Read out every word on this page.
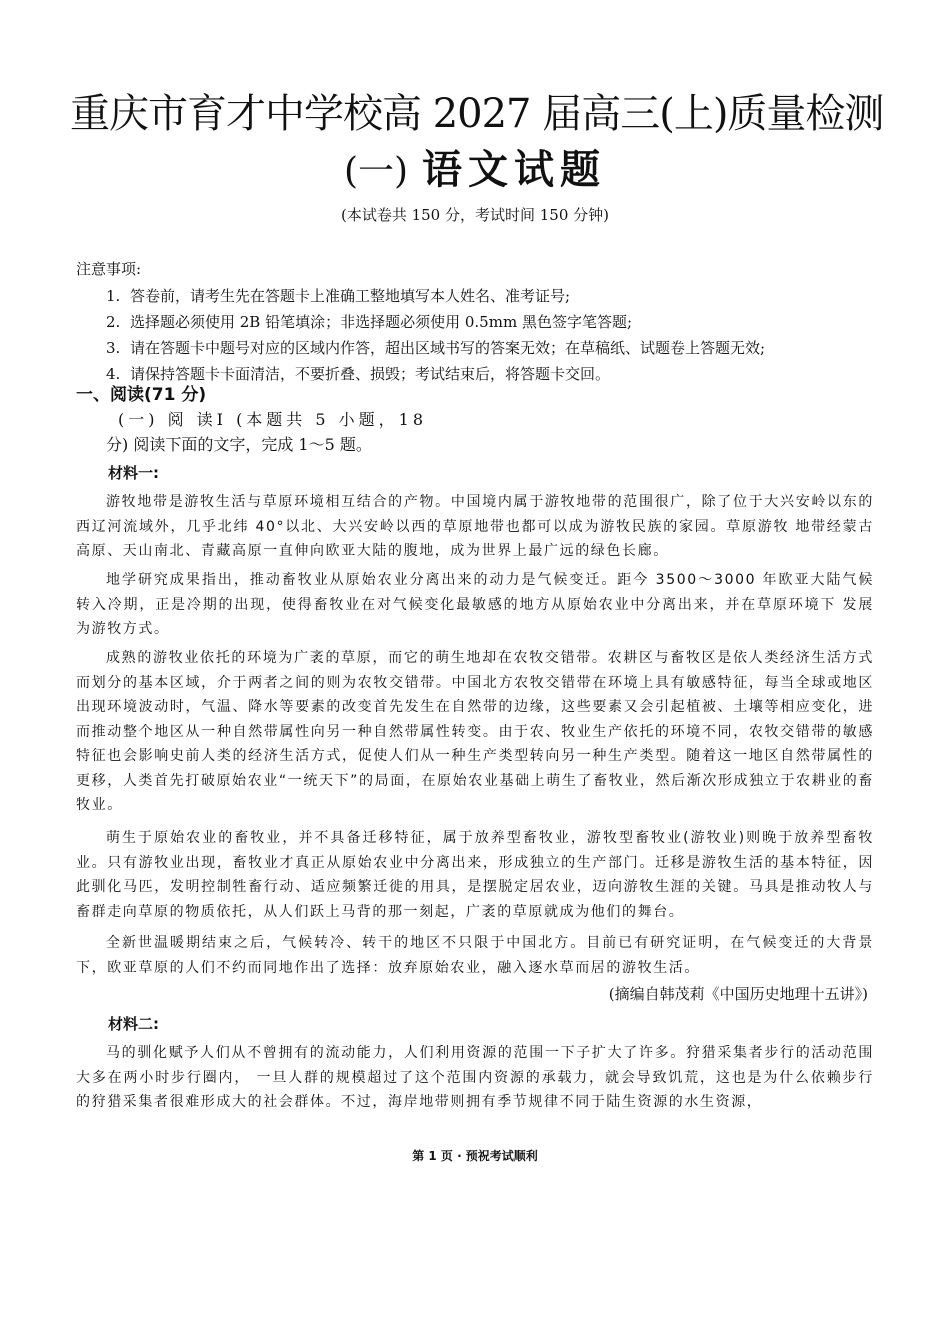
重庆市育才中学校高 2027 届高三(上)质量检测
(一) 语文试题
(本试卷共 150 分，考试时间 150 分钟)
注意事项:
1. 答卷前，请考生先在答题卡上准确工整地填写本人姓名、准考证号;
2. 选择题必须使用 2B 铅笔填涂；非选择题必须使用 0.5mm 黑色签字笔答题;
3. 请在答题卡中题号对应的区域内作答，超出区域书写的答案无效；在草稿纸、试题卷上答题无效;
4. 请保持答题卡卡面清洁，不要折叠、损毁；考试结束后，将答题卡交回。
一、阅读(71 分)
(一) 阅 读I (本题共 5 小题，18
分) 阅读下面的文字，完成 1～5 题。
材料一:

游牧地带是游牧生活与草原环境相互结合的产物。中国境内属于游牧地带的范围很广，除了位于大兴安岭以东的西辽河流域外，几乎北纬 40°以北、大兴安岭以西的草原地带也都可以成为游牧民族的家园。草原游牧 地带经蒙古高原、天山南北、青藏高原一直伸向欧亚大陆的腹地，成为世界上最广远的绿色长廊。

地学研究成果指出，推动畜牧业从原始农业分离出来的动力是气候变迁。距今 3500～3000 年欧亚大陆气候 转入冷期，正是冷期的出现，使得畜牧业在对气候变化最敏感的地方从原始农业中分离出来，并在草原环境下 发展为游牧方式。

成熟的游牧业依托的环境为广袤的草原，而它的萌生地却在农牧交错带。农耕区与畜牧区是依人类经济生活方式而划分的基本区域，介于两者之间的则为农牧交错带。中国北方农牧交错带在环境上具有敏感特征，每当全球或地区出现环境波动时，气温、降水等要素的改变首先发生在自然带的边缘，这些要素又会引起植被、土壤等相应变化，进而推动整个地区从一种自然带属性向另一种自然带属性转变。由于农、牧业生产依托的环境不同，农牧交错带的敏感特征也会影响史前人类的经济生活方式，促使人们从一种生产类型转向另一种生产类型。随着这一地区自然带属性的更移，人类首先打破原始农业“一统天下”的局面，在原始农业基础上萌生了畜牧业，然后渐次形成独立于农耕业的畜牧业。

萌生于原始农业的畜牧业，并不具备迁移特征，属于放养型畜牧业，游牧型畜牧业(游牧业)则晚于放养型畜牧业。只有游牧业出现，畜牧业才真正从原始农业中分离出来，形成独立的生产部门。迁移是游牧生活的基本特征，因此驯化马匹，发明控制牲畜行动、适应频繁迁徙的用具，是摆脱定居农业，迈向游牧生涯的关键。马具是推动牧人与畜群走向草原的物质依托，从人们跃上马背的那一刻起，广袤的草原就成为他们的舞台。

全新世温暖期结束之后，气候转冷、转干的地区不只限于中国北方。目前已有研究证明，在气候变迁的大背景下，欧亚草原的人们不约而同地作出了选择：放弃原始农业，融入逐水草而居的游牧生活。

(摘编自韩茂莉《中国历史地理十五讲》)
材料二:

马的驯化赋予人们从不曾拥有的流动能力，人们利用资源的范围一下子扩大了许多。狩猎采集者步行的活动范围大多在两小时步行圈内， 一旦人群的规模超过了这个范围内资源的承载力，就会导致饥荒，这也是为什么依赖步行的狩猎采集者很难形成大的社会群体。不过，海岸地带则拥有季节规律不同于陆生资源的水生资源，

第 1 页 · 预祝考试顺利
